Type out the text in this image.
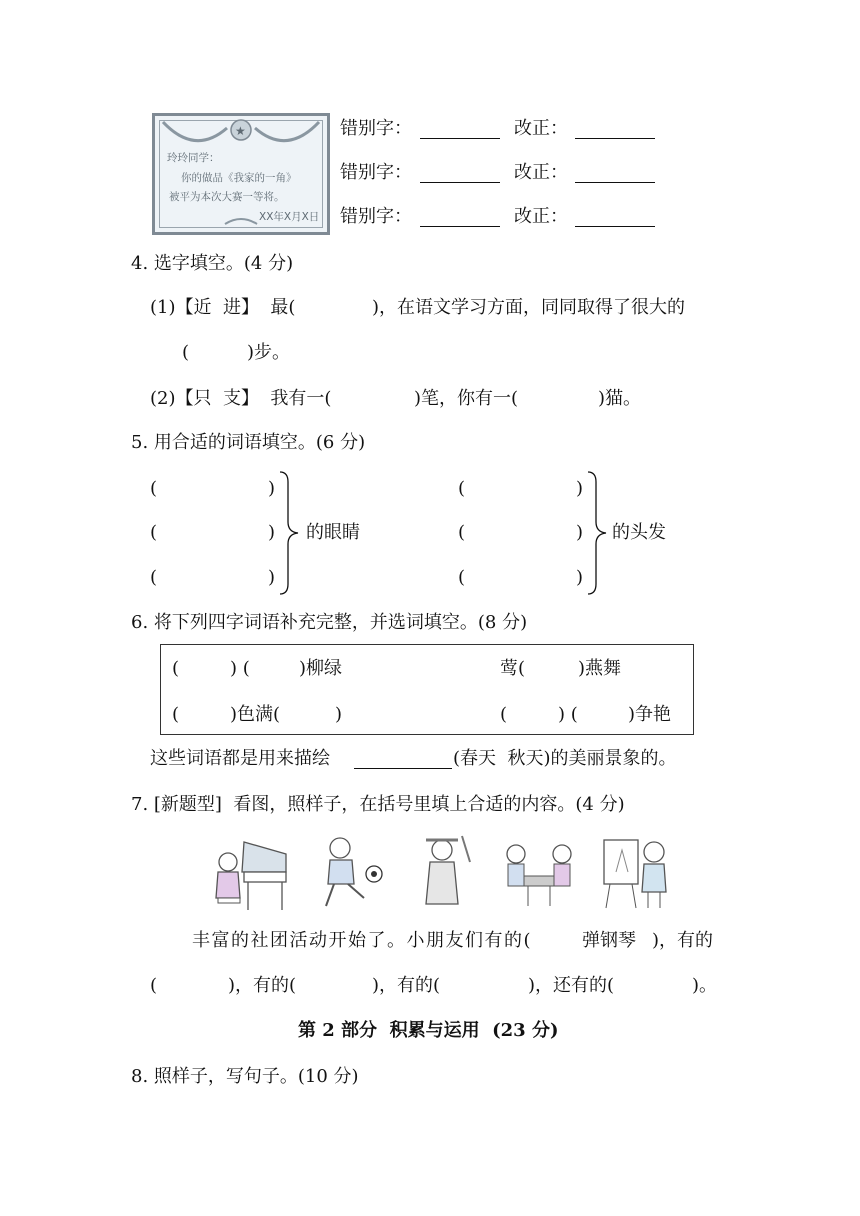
★
玲玲同学：
你的做品《我家的一角》
被平为本次大赛一等将。
XX年X月X日
错别字：	改正：
错别字：	改正：
错别字：	改正：
4. 选字填空。(4 分)
(1)【近  进】  最(	)，在语文学习方面，同同取得了很大的
(	)步。
(2)【只  支】  我有一(	)笔，你有一(	)猫。
5. 用合适的词语填空。(6 分)
(	)
(	)
(	)
的眼睛
(	)
(	)
(	)
的头发
6. 将下列四字词语补充完整，并选词填空。(8 分)
(	) (	)柳绿	莺(	)燕舞
(	)色满(	)	(	) (	)争艳
这些词语都是用来描绘	(春天  秋天)的美丽景象的。
7. [新题型]  看图，照样子，在括号里填上合适的内容。(4 分)
丰富的社团活动开始了。小朋友们有的(	弹钢琴 )，有的
(	)，有的(	)，有的(	)，还有的(	)。
第 2 部分  积累与运用  (23 分)
8. 照样子，写句子。(10 分)
